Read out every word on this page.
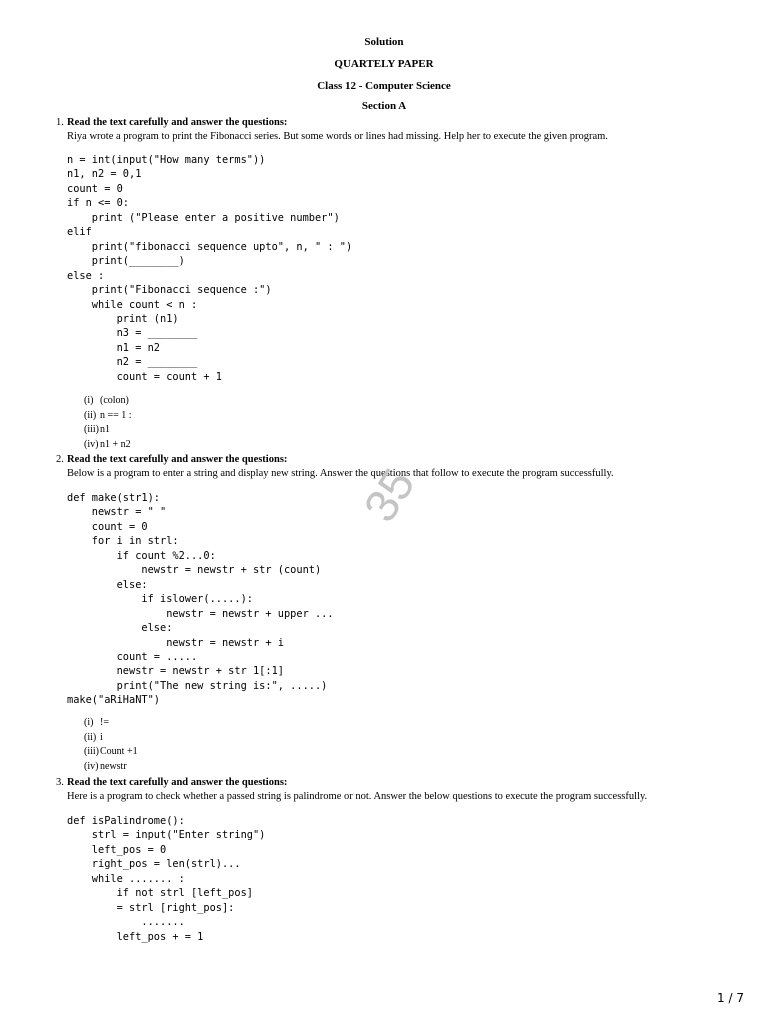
Solution
QUARTELY PAPER
Class 12 - Computer Science
Section A
1. Read the text carefully and answer the questions:
Riya wrote a program to print the Fibonacci series. But some words or lines had missing. Help her to execute the given program.
n = int(input("How many terms"))
n1, n2 = 0,1
count = 0
if n <= 0:
print ("Please enter a positive number")
elif
print("fibonacci sequence upto", n, " : ")
print(________)
else :
print("Fibonacci sequence :")
while count < n :
print (n1)
n3 = ________
n1 = n2
n2 = ________
count = count + 1
(i) (colon)
(ii) n == 1 :
(iii) n1
(iv) n1 + n2
2. Read the text carefully and answer the questions:
Below is a program to enter a string and display new string. Answer the questions that follow to execute the program successfully.
def make(str1):
newstr = " "
count = 0
for i in strl:
if count %2...0:
newstr = newstr + str (count)
else:
if islower(.....):
newstr = newstr + upper ...
else:
newstr = newstr + i
count = .....
newstr = newstr + str 1[:1]
print("The new string is:", .....)
make("aRiHaNT")
(i) !=
(ii) i
(iii) Count +1
(iv) newstr
3. Read the text carefully and answer the questions:
Here is a program to check whether a passed string is palindrome or not. Answer the below questions to execute the program successfully.
def isPalindrome():
strl = input("Enter string")
left_pos = 0
right_pos = len(strl)...
while ....... :
if not strl [left_pos]
= strl [right_pos]:
.......
left_pos + = 1
35
1 / 7
